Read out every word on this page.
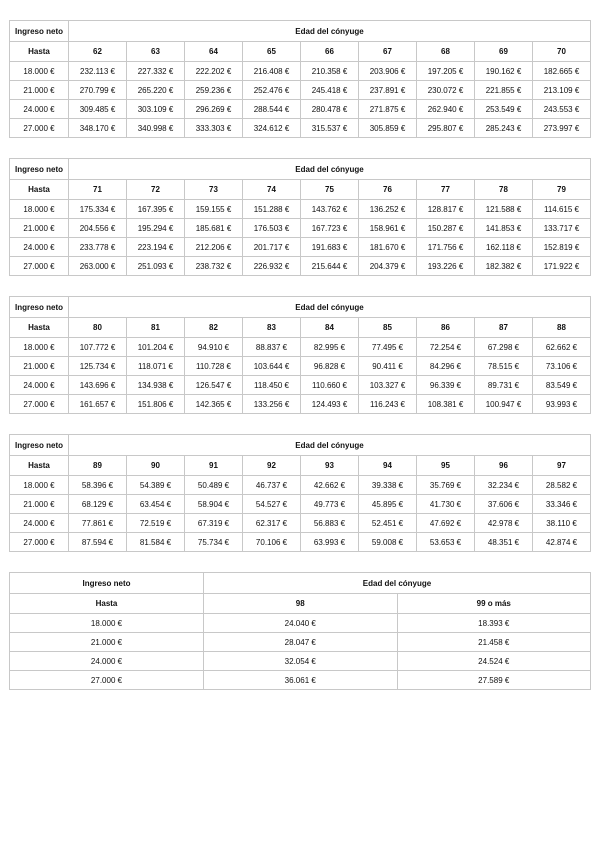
Ingreso neto	Edad del cónyuge								
Hasta	62	63	64	65	66	67	68	69	70
18.000 €	232.113 €	227.332 €	222.202 €	216.408 €	210.358 €	203.906 €	197.205 €	190.162 €	182.665 €
21.000 €	270.799 €	265.220 €	259.236 €	252.476 €	245.418 €	237.891 €	230.072 €	221.855 €	213.109 €
24.000 €	309.485 €	303.109 €	296.269 €	288.544 €	280.478 €	271.875 €	262.940 €	253.549 €	243.553 €
27.000 €	348.170 €	340.998 €	333.303 €	324.612 €	315.537 €	305.859 €	295.807 €	285.243 €	273.997 €
Ingreso neto	Edad del cónyuge								
Hasta	71	72	73	74	75	76	77	78	79
18.000 €	175.334 €	167.395 €	159.155 €	151.288 €	143.762 €	136.252 €	128.817 €	121.588 €	114.615 €
21.000 €	204.556 €	195.294 €	185.681 €	176.503 €	167.723 €	158.961 €	150.287 €	141.853 €	133.717 €
24.000 €	233.778 €	223.194 €	212.206 €	201.717 €	191.683 €	181.670 €	171.756 €	162.118 €	152.819 €
27.000 €	263.000 €	251.093 €	238.732 €	226.932 €	215.644 €	204.379 €	193.226 €	182.382 €	171.922 €
Ingreso neto	Edad del cónyuge								
Hasta	80	81	82	83	84	85	86	87	88
18.000 €	107.772 €	101.204 €	94.910 €	88.837 €	82.995 €	77.495 €	72.254 €	67.298 €	62.662 €
21.000 €	125.734 €	118.071 €	110.728 €	103.644 €	96.828 €	90.411 €	84.296 €	78.515 €	73.106 €
24.000 €	143.696 €	134.938 €	126.547 €	118.450 €	110.660 €	103.327 €	96.339 €	89.731 €	83.549 €
27.000 €	161.657 €	151.806 €	142.365 €	133.256 €	124.493 €	116.243 €	108.381 €	100.947 €	93.993 €
Ingreso neto	Edad del cónyuge								
Hasta	89	90	91	92	93	94	95	96	97
18.000 €	58.396 €	54.389 €	50.489 €	46.737 €	42.662 €	39.338 €	35.769 €	32.234 €	28.582 €
21.000 €	68.129 €	63.454 €	58.904 €	54.527 €	49.773 €	45.895 €	41.730 €	37.606 €	33.346 €
24.000 €	77.861 €	72.519 €	67.319 €	62.317 €	56.883 €	52.451 €	47.692 €	42.978 €	38.110 €
27.000 €	87.594 €	81.584 €	75.734 €	70.106 €	63.993 €	59.008 €	53.653 €	48.351 €	42.874 €
Ingreso neto	Edad del cónyuge	
Hasta	98	99 o más
18.000 €	24.040 €	18.393 €
21.000 €	28.047 €	21.458 €
24.000 €	32.054 €	24.524 €
27.000 €	36.061 €	27.589 €
